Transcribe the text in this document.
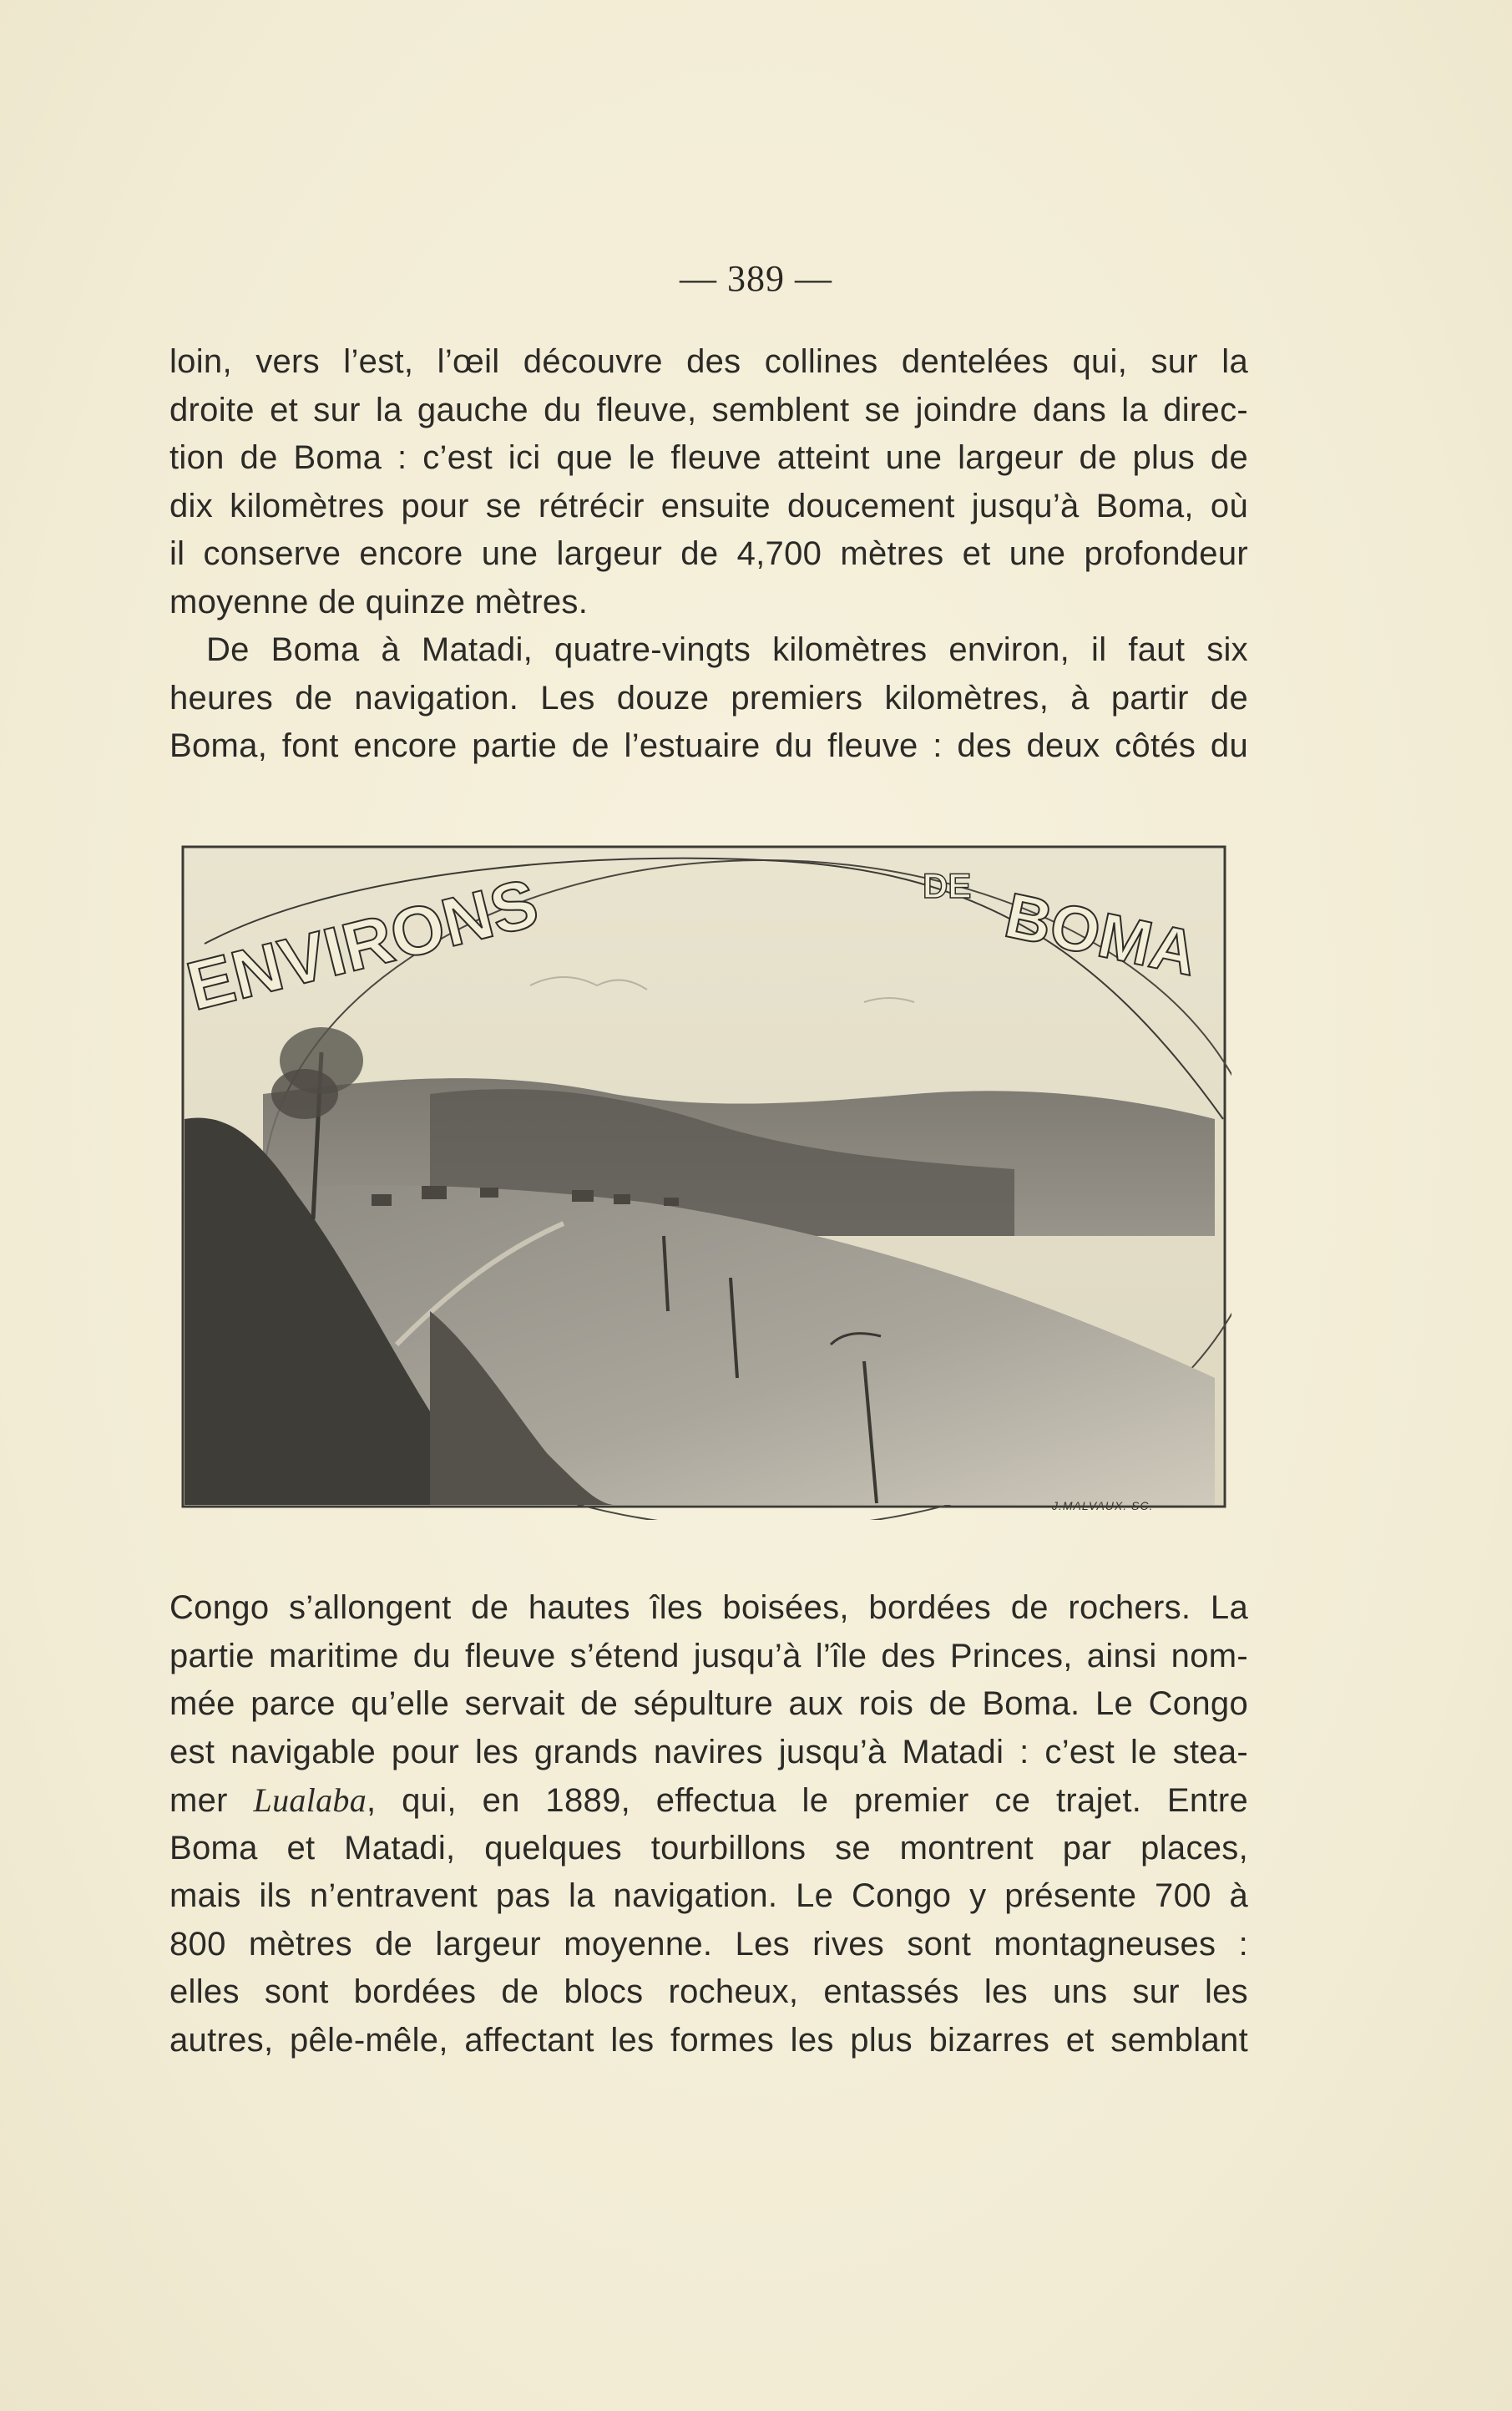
— 389 —
loin, vers l’est, l’œil découvre des collines dentelées qui, sur la
droite et sur la gauche du fleuve, semblent se joindre dans la direc-
tion de Boma : c’est ici que le fleuve atteint une largeur de plus de
dix kilomètres pour se rétrécir ensuite doucement jusqu’à Boma, où
il conserve encore une largeur de 4,700 mètres et une profondeur
moyenne de quinze mètres.
De Boma à Matadi, quatre-vingts kilomètres environ, il faut six
heures de navigation. Les douze premiers kilomètres, à partir de
Boma, font encore partie de l’estuaire du fleuve : des deux côtés du
ENVIRONS	DE BOMA
J.MALVAUX. SC.
Congo s’allongent de hautes îles boisées, bordées de rochers. La
partie maritime du fleuve s’étend jusqu’à l’île des Princes, ainsi nom-
mée parce qu’elle servait de sépulture aux rois de Boma. Le Congo
est navigable pour les grands navires jusqu’à Matadi : c’est le stea-
mer Lualaba, qui, en 1889, effectua le premier ce trajet. Entre
Boma et Matadi, quelques tourbillons se montrent par places,
mais ils n’entravent pas la navigation. Le Congo y présente 700 à
800 mètres de largeur moyenne. Les rives sont montagneuses :
elles sont bordées de blocs rocheux, entassés les uns sur les
autres, pêle-mêle, affectant les formes les plus bizarres et semblant
